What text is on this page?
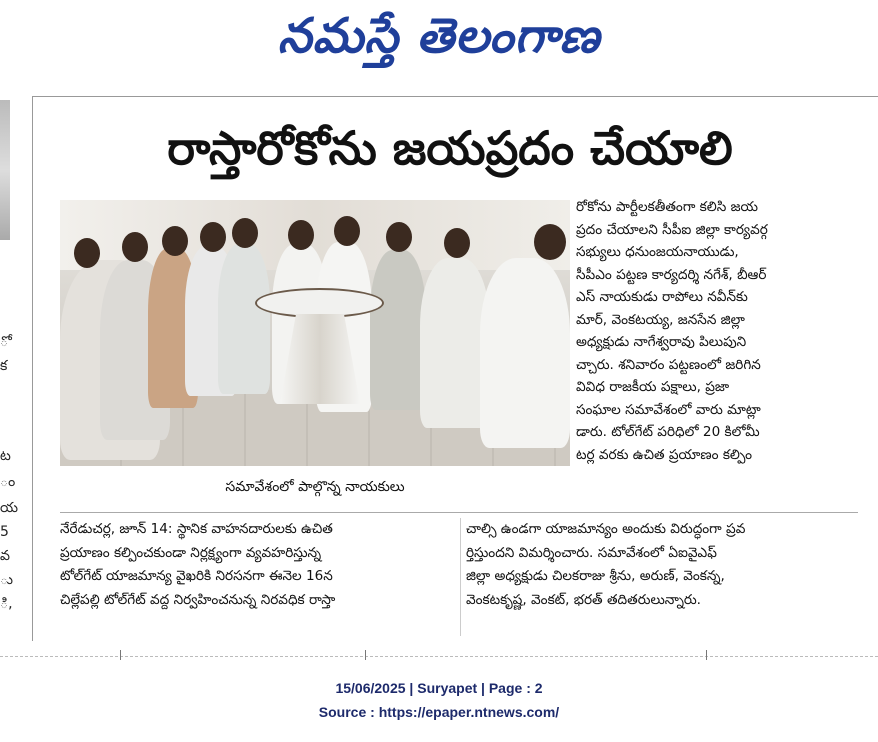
నమస్తే తెలంగాణ
ో
క
ట
ం
య
5
వ
ు
ి,
రాస్తారోకోను జయప్రదం చేయాలి
సమావేశంలో పాల్గొన్న నాయకులు

రోకోను పార్టీలకతీతంగా కలిసి జయ

ప్రదం చేయాలని సీపీఐ జిల్లా కార్యవర్గ

సభ్యులు ధనుంజయనాయుడు,

సీపీఎం పట్టణ కార్యదర్శి నగేశ్, బీఆర్

ఎస్ నాయకుడు రాపోలు నవీన్‌కు

మార్, వెంకటయ్య, జనసేన జిల్లా

అధ్యక్షుడు నాగేశ్వరావు పిలుపుని

చ్చారు. శనివారం పట్టణంలో జరిగిన

వివిధ రాజకీయ పక్షాలు, ప్రజా

సంఘాల సమావేశంలో వారు మాట్లా

డారు. టోల్‌గేట్ పరిధిలో 20 కిలోమీ

టర్ల వరకు ఉచిత ప్రయాణం కల్పిం

నేరేడుచర్ల, జూన్ 14: స్థానిక వాహనదారులకు ఉచిత

ప్రయాణం కల్పించకుండా నిర్లక్ష్యంగా వ్యవహరిస్తున్న

టోల్‌గేట్ యాజమాన్య వైఖరికి నిరసనగా ఈనెల 16న

చిల్లేపల్లి టోల్‌గేట్ వద్ద నిర్వహించనున్న నిరవధిక రాస్తా

చాల్సి ఉండగా యాజమాన్యం అందుకు విరుద్ధంగా ప్రవ

ర్తిస్తుందని విమర్శించారు. సమావేశంలో ఏఐవైఎఫ్

జిల్లా అధ్యక్షుడు చిలకరాజు శ్రీను, అరుణ్, వెంకన్న,

వెంకటకృష్ణ, వెంకట్, భరత్ తదితరులున్నారు.

15/06/2025 | Suryapet | Page : 2
Source : https://epaper.ntnews.com/
